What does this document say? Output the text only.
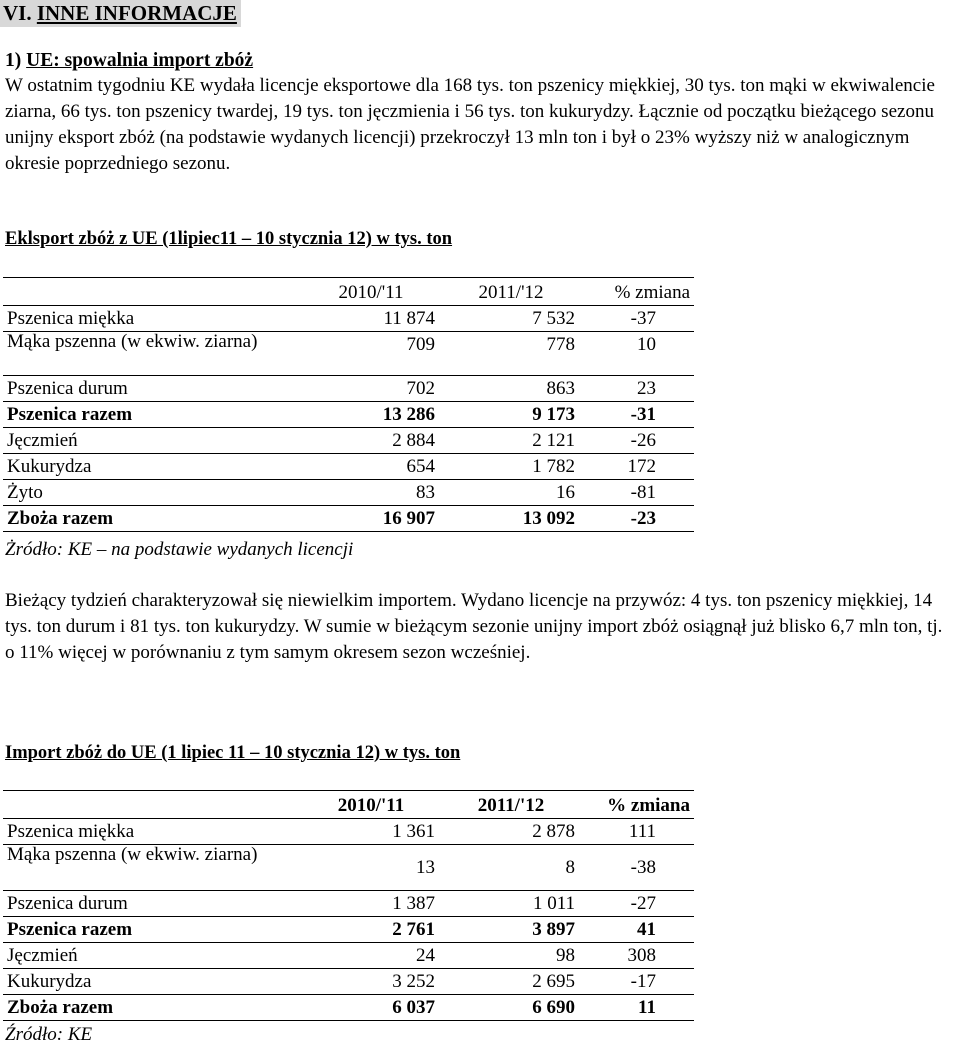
VI. INNE INFORMACJE
1) UE: spowalnia import zbóż

W ostatnim tygodniu KE wydała licencje eksportowe dla 168 tys. ton pszenicy miękkiej, 30 tys. ton mąki w ekwiwalencie ziarna, 66 tys. ton pszenicy twardej, 19 tys. ton jęczmienia i 56 tys. ton kukurydzy. Łącznie od początku bieżącego sezonu unijny eksport zbóż (na podstawie wydanych licencji) przekroczył 13 mln ton i był o 23% wyższy niż w analogicznym okresie poprzedniego sezonu.

Eklsport zbóż z UE (1lipiec11 – 10 stycznia 12) w tys. ton
	2010/'11	2011/'12	% zmiana
Pszenica miękka	11 874	7 532	-37
Mąka pszenna (w ekwiw. ziarna)	709	778	10
Pszenica durum	702	863	23
Pszenica razem	13 286	9 173	-31
Jęczmień	2 884	2 121	-26
Kukurydza	654	1 782	172
Żyto	83	16	-81
Zboża razem	16 907	13 092	-23
Żródło: KE – na podstawie wydanych licencji

Bieżący tydzień charakteryzował się niewielkim importem. Wydano licencje na przywóz: 4 tys. ton pszenicy miękkiej, 14 tys. ton durum i 81 tys. ton kukurydzy. W sumie w bieżącym sezonie unijny import zbóż osiągnął już blisko 6,7 mln ton, tj. o 11% więcej w porównaniu z tym samym okresem sezon wcześniej.

Import zbóż do UE (1 lipiec 11 – 10 stycznia 12) w tys. ton
	2010/'11	2011/'12	% zmiana
Pszenica miękka	1 361	2 878	111
Mąka pszenna (w ekwiw. ziarna)	13	8	-38
Pszenica durum	1 387	1 011	-27
Pszenica razem	2 761	3 897	41
Jęczmień	24	98	308
Kukurydza	3 252	2 695	-17
Zboża razem	6 037	6 690	11
Źródło: KE
